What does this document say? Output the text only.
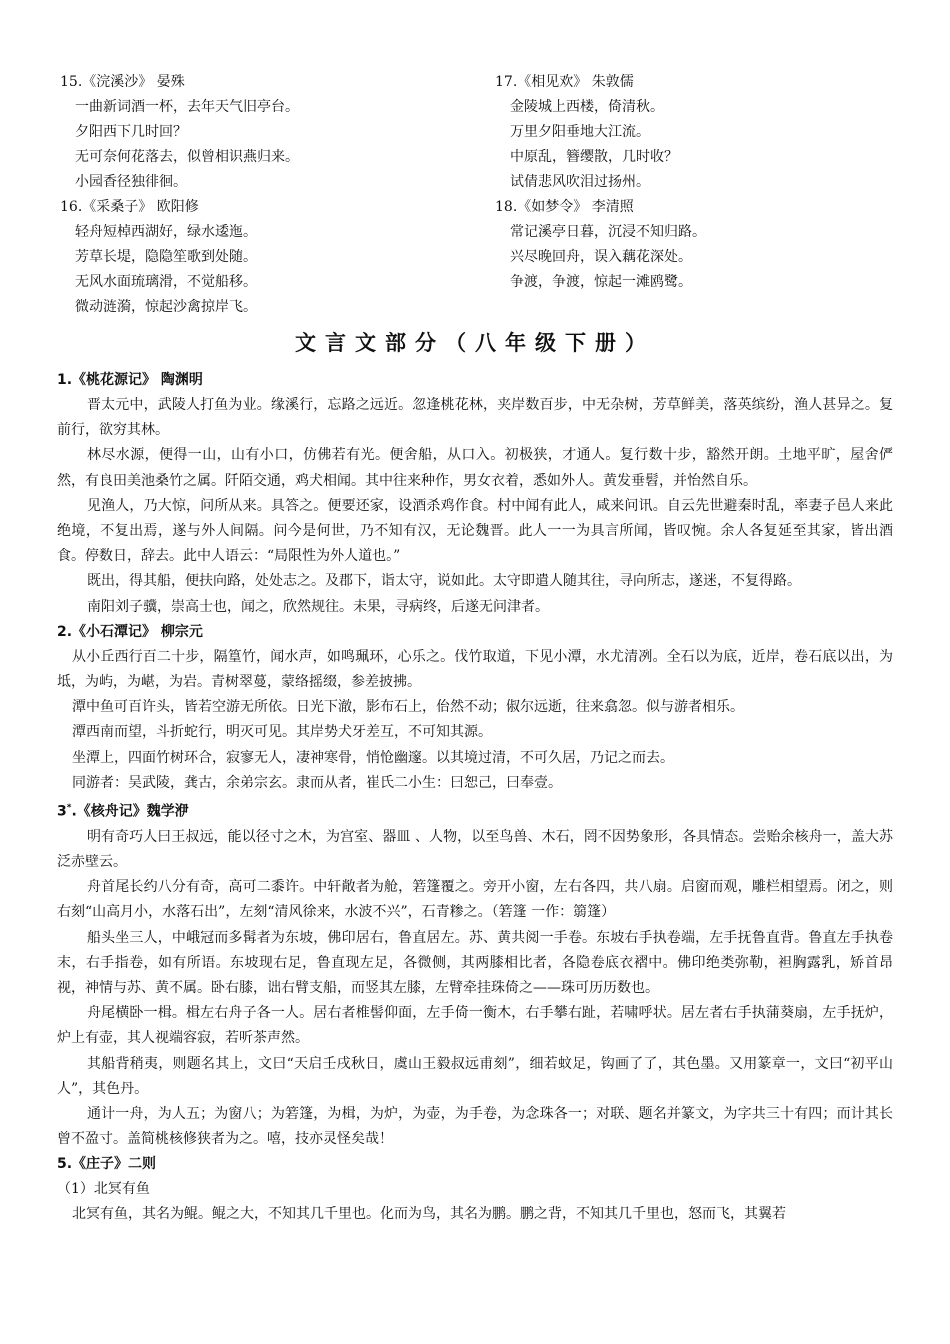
15.《浣溪沙》 晏殊
一曲新词酒一杯，去年天气旧亭台。
夕阳西下几时回？
无可奈何花落去，似曾相识燕归来。
小园香径独徘徊。
16.《采桑子》 欧阳修
轻舟短棹西湖好，绿水逶迤。
芳草长堤，隐隐笙歌到处随。
无风水面琉璃滑，不觉船移。
微动涟漪，惊起沙禽掠岸飞。
17.《相见欢》 朱敦儒
金陵城上西楼，倚清秋。
万里夕阳垂地大江流。
中原乱，簪缨散，几时收？
试倩悲风吹泪过扬州。
18.《如梦令》 李清照
常记溪亭日暮，沉浸不知归路。
兴尽晚回舟，误入藕花深处。
争渡，争渡，惊起一滩鸥鹭。
文言文部分（八年级下册）
1.《桃花源记》 陶渊明

晋太元中，武陵人打鱼为业。缘溪行，忘路之远近。忽逢桃花林，夹岸数百步，中无杂树，芳草鲜美，落英缤纷，渔人甚异之。复前行，欲穷其林。

林尽水源，便得一山，山有小口，仿佛若有光。便舍船，从口入。初极狭，才通人。复行数十步，豁然开朗。土地平旷，屋舍俨然，有良田美池桑竹之属。阡陌交通，鸡犬相闻。其中往来种作，男女衣着，悉如外人。黄发垂髫，并怡然自乐。

见渔人，乃大惊，问所从来。具答之。便要还家，设酒杀鸡作食。村中闻有此人，咸来问讯。自云先世避秦时乱，率妻子邑人来此绝境，不复出焉，遂与外人间隔。问今是何世，乃不知有汉，无论魏晋。此人一一为具言所闻，皆叹惋。余人各复延至其家，皆出酒食。停数日，辞去。此中人语云：“局限性为外人道也。”

既出，得其船，便扶向路，处处志之。及郡下，诣太守，说如此。太守即遣人随其往，寻向所志，遂迷，不复得路。

南阳刘子骥，崇高士也，闻之，欣然规往。未果，寻病终，后遂无问津者。

2.《小石潭记》 柳宗元

从小丘西行百二十步，隔篁竹，闻水声，如鸣珮环，心乐之。伐竹取道，下见小潭，水尤清冽。全石以为底，近岸，卷石底以出，为坻，为屿，为嵁，为岩。青树翠蔓，蒙络摇缀，参差披拂。

潭中鱼可百许头，皆若空游无所依。日光下澈，影布石上，佁然不动；俶尔远逝，往来翕忽。似与游者相乐。

潭西南而望，斗折蛇行，明灭可见。其岸势犬牙差互，不可知其源。

坐潭上，四面竹树环合，寂寥无人，凄神寒骨，悄怆幽邃。以其境过清，不可久居，乃记之而去。

同游者：吴武陵，龚古，余弟宗玄。隶而从者，崔氏二小生：曰恕己，曰奉壹。

3*.《核舟记》魏学洢

明有奇巧人曰王叔远，能以径寸之木，为宫室、器皿 、人物，以至鸟兽、木石，罔不因势象形，各具情态。尝贻余核舟一，盖大苏泛赤壁云。

舟首尾长约八分有奇，高可二黍许。中轩敞者为舱，箬篷覆之。旁开小窗，左右各四，共八扇。启窗而观，雕栏相望焉。闭之，则右刻“山高月小，水落石出”，左刻“清风徐来，水波不兴”，石青糁之。（箬篷 一作：篛篷）

船头坐三人，中峨冠而多髯者为东坡，佛印居右，鲁直居左。苏、黄共阅一手卷。东坡右手执卷端，左手抚鲁直背。鲁直左手执卷末，右手指卷，如有所语。东坡现右足，鲁直现左足，各微侧，其两膝相比者，各隐卷底衣褶中。佛印绝类弥勒，袒胸露乳，矫首昂视，神情与苏、黄不属。卧右膝，诎右臂支船，而竖其左膝，左臂牵挂珠倚之——珠可历历数也。

舟尾横卧一楫。楫左右舟子各一人。居右者椎髻仰面，左手倚一衡木，右手攀右趾，若啸呼状。居左者右手执蒲葵扇，左手抚炉，炉上有壶，其人视端容寂，若听茶声然。

其船背稍夷，则题名其上，文曰“天启壬戌秋日，虞山王毅叔远甫刻”，细若蚊足，钩画了了，其色墨。又用篆章一，文曰“初平山人”，其色丹。

通计一舟，为人五；为窗八；为箬篷，为楫，为炉，为壶，为手卷，为念珠各一；对联、题名并篆文，为字共三十有四；而计其长曾不盈寸。盖简桃核修狭者为之。嘻，技亦灵怪矣哉！

5.《庄子》二则
（1）北冥有鱼

北冥有鱼，其名为鲲。鲲之大，不知其几千里也。化而为鸟，其名为鹏。鹏之背，不知其几千里也，怒而飞，其翼若
